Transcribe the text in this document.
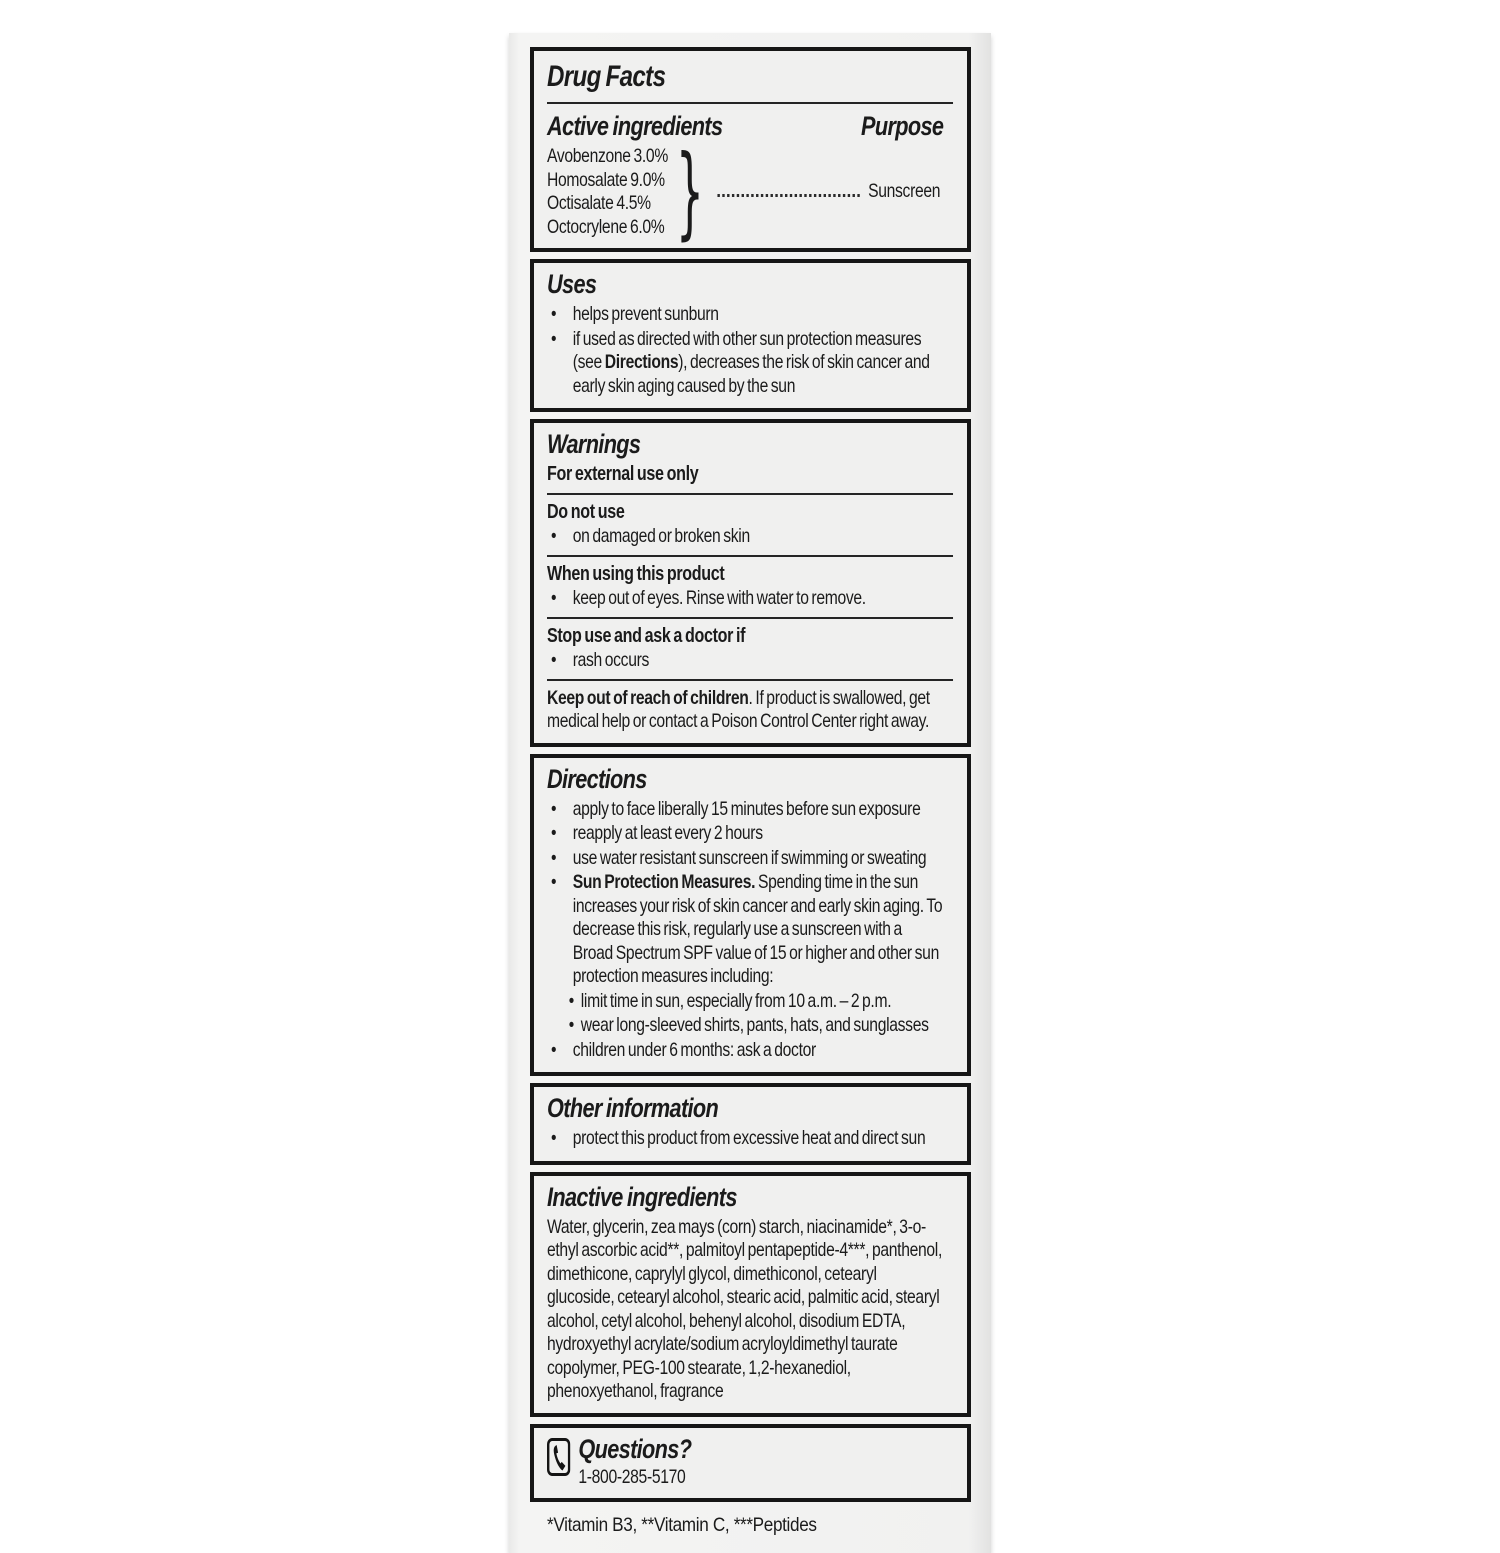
Drug Facts
Active ingredients	Purpose
Avobenzone 3.0%
Homosalate 9.0%
Octisalate 4.5%
Octocrylene 6.0% }	Sunscreen
Uses
• helps prevent sunburn
• if used as directed with other sun protection measures (see Directions), decreases the risk of skin cancer and early skin aging caused by the sun
Warnings
For external use only
Do not use
• on damaged or broken skin
When using this product
• keep out of eyes. Rinse with water to remove.
Stop use and ask a doctor if
• rash occurs
Keep out of reach of children. If product is swallowed, get medical help or contact a Poison Control Center right away.
Directions
• apply to face liberally 15 minutes before sun exposure
• reapply at least every 2 hours
• use water resistant sunscreen if swimming or sweating
• Sun Protection Measures. Spending time in the sun increases your risk of skin cancer and early skin aging. To decrease this risk, regularly use a sunscreen with a Broad Spectrum SPF value of 15 or higher and other sun protection measures including:
• limit time in sun, especially from 10 a.m. – 2 p.m.
• wear long-sleeved shirts, pants, hats, and sunglasses
• children under 6 months: ask a doctor
Other information
• protect this product from excessive heat and direct sun
Inactive ingredients
Water, glycerin, zea mays (corn) starch, niacinamide*, 3-o-ethyl ascorbic acid**, palmitoyl pentapeptide-4***, panthenol, dimethicone, caprylyl glycol, dimethiconol, cetearyl glucoside, cetearyl alcohol, stearic acid, palmitic acid, stearyl alcohol, cetyl alcohol, behenyl alcohol, disodium EDTA, hydroxyethyl acrylate/sodium acryloyldimethyl taurate copolymer, PEG-100 stearate, 1,2-hexanediol, phenoxyethanol, fragrance
Questions?
1-800-285-5170
*Vitamin B3, **Vitamin C, ***Peptides
